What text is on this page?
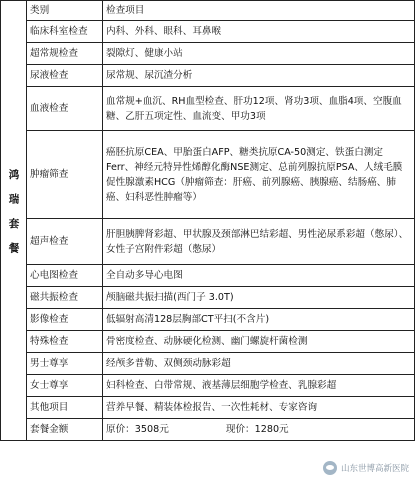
鸿瑞套餐	类别	检查项目
	临床科室检查	内科、外科、眼科、耳鼻喉
	超常规检查	裂隙灯、健康小站
	尿液检查	尿常规、尿沉渣分析
	血液检查	血常规+血沉、RH血型检查、肝功12项、肾功3项、血脂4项、空腹血糖、乙肝五项定性、血流变、甲功3项
	肿瘤筛查	癌胚抗原CEA、甲胎蛋白AFP、糖类抗原CA-50测定、铁蛋白测定Ferr、神经元特异性烯醇化酶NSE测定、总前列腺抗原PSA、人绒毛膜促性腺激素HCG（肿瘤筛查：肝癌、前列腺癌、胰腺癌、结肠癌、肺癌、妇科恶性肿瘤等）
	超声检查	肝胆胰脾肾彩超、甲状腺及颈部淋巴结彩超、男性泌尿系彩超（憋尿）、女性子宫附件彩超（憋尿）
	心电图检查	全自动多导心电图
	磁共振检查	颅脑磁共振扫描(西门子 3.0T)
	影像检查	低辐射高清128层胸部CT平扫(不含片)
	特殊检查	骨密度检查、动脉硬化检测、幽门螺旋杆菌检测
	男士尊享	经颅多普勒、双侧颈动脉彩超
	女士尊享	妇科检查、白带常规、液基薄层细胞学检查、乳腺彩超
	其他项目	营养早餐、精装体检报告、一次性耗材、专家咨询
	套餐金额	原价：3508元 现价：1280元
山东世博高新医院
